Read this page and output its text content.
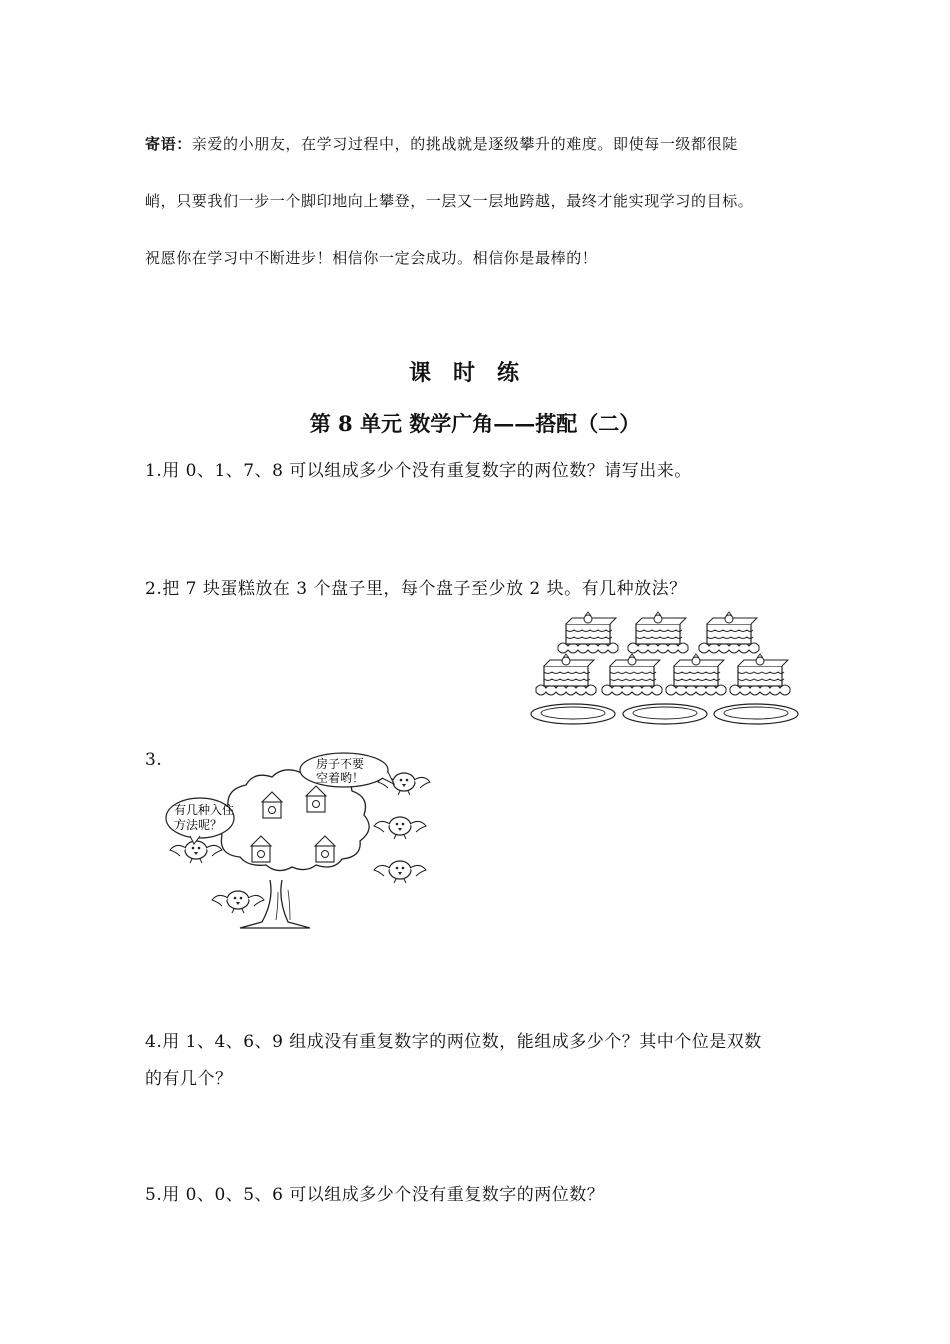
寄语：亲爱的小朋友，在学习过程中，的挑战就是逐级攀升的难度。即使每一级都很陡
峭，只要我们一步一个脚印地向上攀登，一层又一层地跨越，最终才能实现学习的目标。
祝愿你在学习中不断进步！相信你一定会成功。相信你是最棒的！
课时练
第 8 单元 数学广角——搭配（二）
1.用 0、1、7、8 可以组成多少个没有重复数字的两位数？请写出来。
2.把 7 块蛋糕放在 3 个盘子里，每个盘子至少放 2 块。有几种放法？
3.
4.用 1、4、6、9 组成没有重复数字的两位数，能组成多少个？其中个位是双数
的有几个？
5.用 0、0、5、6 可以组成多少个没有重复数字的两位数？
有几种入住
方法呢？
房子不要
空着哟！
